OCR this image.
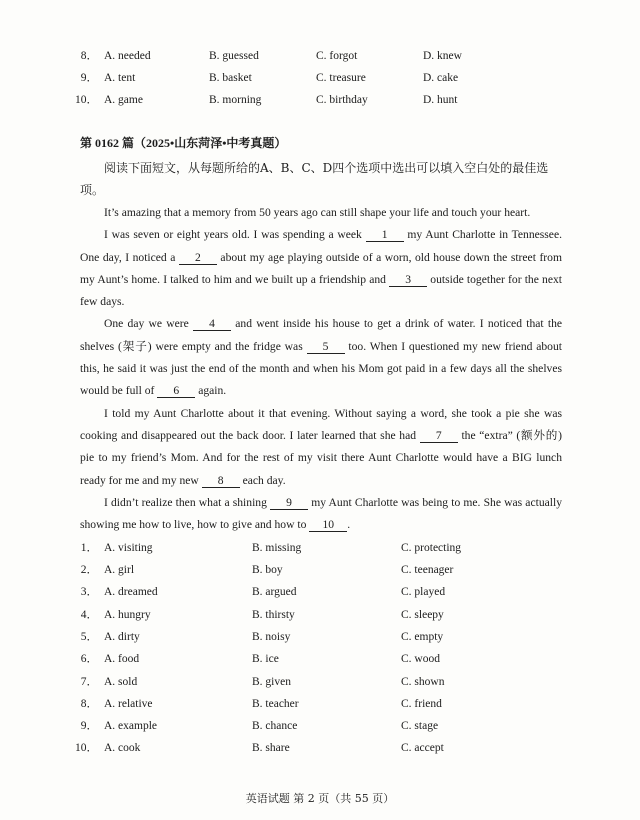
8． A. needed	B. guessed	C. forgot	D. knew
9． A. tent	B. basket	C. treasure	D. cake
10． A. game	B. morning	C. birthday	D. hunt
第 0162 篇（2025•山东菏泽•中考真题）
阅读下面短文，从每题所给的A、B、C、D四个选项中选出可以填入空白处的最佳选项。

It’s amazing that a memory from 50 years ago can still shape your life and touch your heart.

I was seven or eight years old. I was spending a week 1 my Aunt Charlotte in Tennessee. One day, I noticed a 2 about my age playing outside of a worn, old house down the street from my Aunt’s home. I talked to him and we built up a friendship and 3 outside together for the next few days.

One day we were 4 and went inside his house to get a drink of water. I noticed that the shelves (架子) were empty and the fridge was 5 too. When I questioned my new friend about this, he said it was just the end of the month and when his Mom got paid in a few days all the shelves would be full of 6 again.

I told my Aunt Charlotte about it that evening. Without saying a word, she took a pie she was cooking and disappeared out the back door. I later learned that she had 7 the “extra” (额外的) pie to my friend’s Mom. And for the rest of my visit there Aunt Charlotte would have a BIG lunch ready for me and my new 8 each day.

I didn’t realize then what a shining 9 my Aunt Charlotte was being to me. She was actually showing me how to live, how to give and how to 10 .

1． A. visiting	B. missing	C. protecting
2． A. girl	B. boy	C. teenager
3． A. dreamed	B. argued	C. played
4． A. hungry	B. thirsty	C. sleepy
5． A. dirty	B. noisy	C. empty
6． A. food	B. ice	C. wood
7． A. sold	B. given	C. shown
8． A. relative	B. teacher	C. friend
9． A. example	B. chance	C. stage
10． A. cook	B. share	C. accept
英语试题 第 2 页（共 55 页）
